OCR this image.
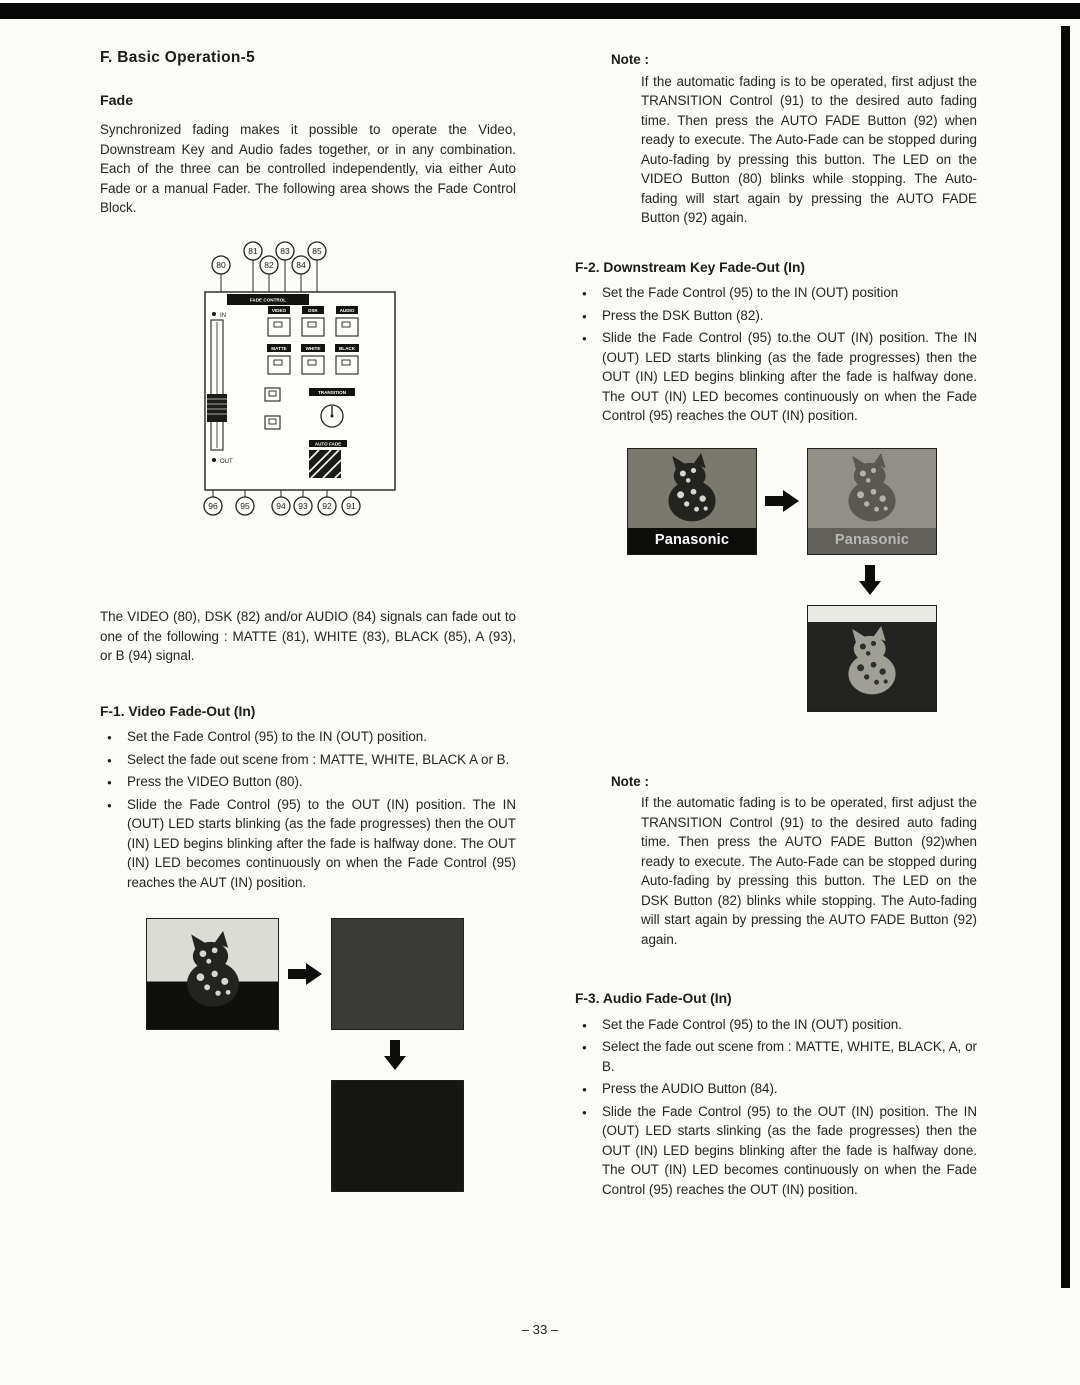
F. Basic Operation-5
Fade

Synchronized fading makes it possible to operate the Video, Downstream Key and Audio fades together, or in any combination. Each of the three can be controlled independently, via either Auto Fade or a manual Fader. The following area shows the Fade Control Block.

80
81
82
83
84
85
FADE CONTROL
IN
OUT
VIDEO	DSK	AUDIO
MATTE	WHITE	BLACK
TRANSITION
AUTO FADE
96	95	94 93 92 91

The VIDEO (80), DSK (82) and/or AUDIO (84) signals can fade out to one of the following : MATTE (81), WHITE (83), BLACK (85), A (93), or B (94) signal.

F-1. Video Fade-Out (In)
● Set the Fade Control (95) to the IN (OUT) position.
● Select the fade out scene from : MATTE, WHITE, BLACK A or B.
● Press the VIDEO Button (80).
● Slide the Fade Control (95) to the OUT (IN) position. The IN (OUT) LED starts blinking (as the fade progresses) then the OUT (IN) LED begins blinking after the fade is halfway done. The OUT (IN) LED becomes continuously on when the Fade Control (95) reaches the AUT (IN) position.
Note :

If the automatic fading is to be operated, first adjust the TRANSITION Control (91) to the desired auto fading time. Then press the AUTO FADE Button (92) when ready to execute. The Auto-Fade can be stopped during Auto-fading by pressing this button. The LED on the VIDEO Button (80) blinks while stopping. The Auto-fading will start again by pressing the AUTO FADE Button (92) again.

F-2. Downstream Key Fade-Out (In)
● Set the Fade Control (95) to the IN (OUT) position
● Press the DSK Button (82).
● Slide the Fade Control (95) to.the OUT (IN) position. The IN (OUT) LED starts blinking (as the fade progresses) then the OUT (IN) LED begins blinking after the fade is halfway done. The OUT (IN) LED becomes continuously on when the Fade Control (95) reaches the OUT (IN) position.
Panasonic	Panasonic
Note :

If the automatic fading is to be operated, first adjust the TRANSITION Control (91) to the desired auto fading time. Then press the AUTO FADE Button (92)when ready to execute. The Auto-Fade can be stopped during Auto-fading by pressing this button. The LED on the DSK Button (82) blinks while stopping. The Auto-fading will start again by pressing the AUTO FADE Button (92) again.

F-3. Audio Fade-Out (In)
● Set the Fade Control (95) to the IN (OUT) position.
● Select the fade out scene from : MATTE, WHITE, BLACK, A, or B.
● Press the AUDIO Button (84).
● Slide the Fade Control (95) to the OUT (IN) position. The IN (OUT) LED starts slinking (as the fade progresses) then the OUT (IN) LED begins blinking after the fade is halfway done. The OUT (IN) LED becomes continuously on when the Fade Control (95) reaches the OUT (IN) position.
– 33 –
